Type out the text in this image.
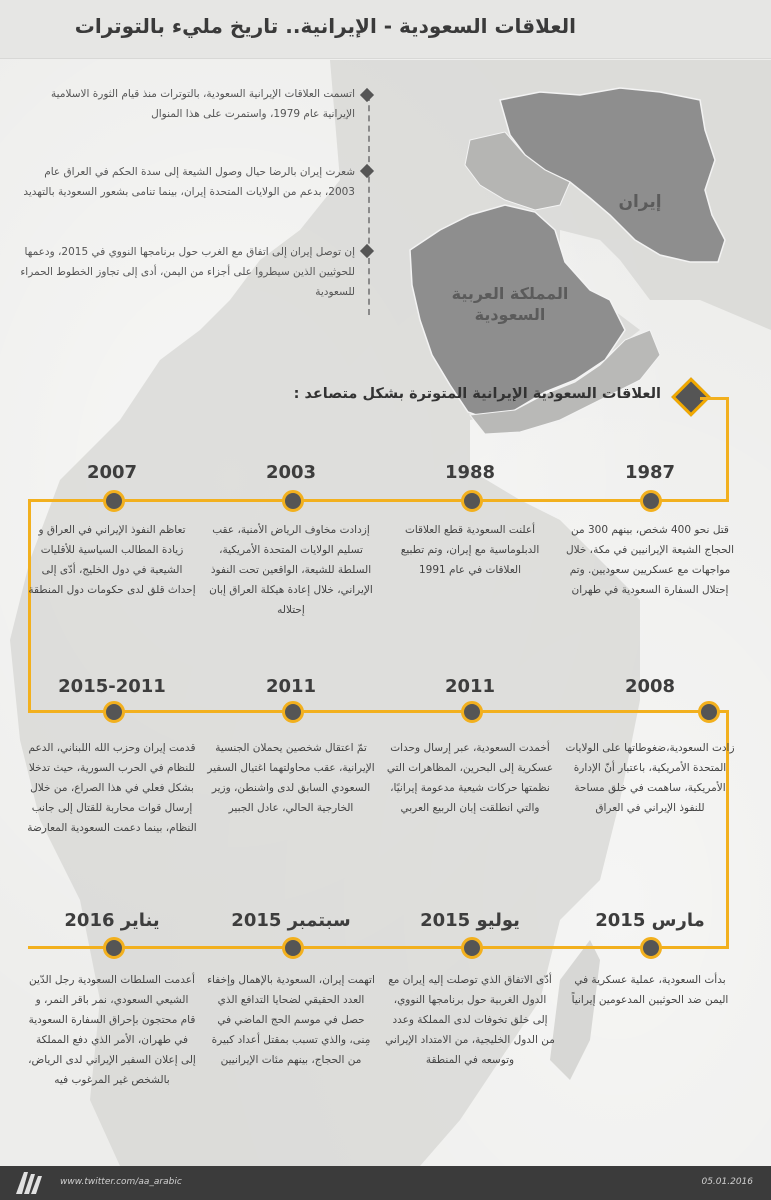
العلاقات السعودية - الإيرانية.. تاريخ مليء بالتوترات
اتسمت العلاقات الإيرانية السعودية، بالتوترات منذ قيام الثورة الاسلامية الإيرانية عام 1979، واستمرت على هذا المنوال
شعرت إيران بالرضا حيال وصول الشيعة إلى سدة الحكم في العراق عام 2003، بدعم من الولايات المتحدة إيران، بينما تنامى بشعور السعودية بالتهديد
إن توصل إيران إلى اتفاق مع الغرب حول برنامجها النووي في 2015، ودعمها للحوثيين الذين سيطروا على أجزاء من اليمن، أدى إلى تجاوز الخطوط الحمراء للسعودية
إيران
المملكة العربية السعودية
العلاقات السعودية الإيرانية المتوترة بشكل متصاعد :
1987
1988
2003
2007
قتل نحو 400 شخص، بينهم 300 من الحجاج الشيعة الإيرانيين في مكة، خلال مواجهات مع عسكريين سعوديين. وتم إحتلال السفارة السعودية في طهران
أعلنت السعودية قطع العلاقات الدبلوماسية مع إيران، وتم تطبيع العلاقات في عام 1991
إزدادت مخاوف الرياض الأمنية، عقب تسليم الولايات المتحدة الأمريكية، السلطة للشيعة، الواقعين تحت النفوذ الإيراني، خلال إعادة هيكلة العراق إبان إحتلاله
تعاظم النفوذ الإيراني في العراق و زيادة المطالب السياسية للأقليات الشيعية في دول الخليج، أدّى إلى إحداث قلق لدى حكومات دول المنطقة
2008
2011
2011
2015-2011
زادت السعودية،ضغوطاتها على الولايات المتحدة الأمريكية، باعتبار أنّ الإدارة الأمريكية، ساهمت في خلق مساحة للنفوذ الإيراني في العراق
أخمدت السعودية، عبر إرسال وحدات عسكرية إلى البحرين، المظاهرات التي نظمتها حركات شيعية مدعومة إيرانيًا، والتي انطلقت إبان الربيع العربي
تمّ اعتقال شخصين يحملان الجنسية الإيرانية، عقب محاولتهما اغتيال السفير السعودي السابق لدى واشنطن، وزير الخارجية الحالي، عادل الجبير
قدمت إيران وحزب الله اللبناني، الدعم للنظام في الحرب السورية، حيث تدخلا بشكل فعلي في هذا الصراع، من خلال إرسال قوات محاربة للقتال إلى جانب النظام، بينما دعمت السعودية المعارضة
مارس 2015
يوليو 2015
سبتمبر 2015
يناير 2016
بدأت السعودية، عملية عسكرية في اليمن ضد الحوثيين المدعومين إيرانياً
أدّى الاتفاق الذي توصلت إليه إيران مع الدول الغربية حول برنامجها النووي، إلى خلق تخوفات لدى المملكة وعدد من الدول الخليجية، من الامتداد الإيراني وتوسعه في المنطقة
اتهمت إيران، السعودية بالإهمال وإخفاء العدد الحقيقي لضحايا التدافع الذي حصل في موسم الحج الماضي في مِنى، والذي تسبب بمقتل أعداد كبيرة من الحجاج، بينهم مئات الإيرانيين
أعدمت السلطات السعودية رجل الدّين الشيعي السعودي، نمر باقر النمر، و قام محتجون بإحراق السفارة السعودية في طهران، الأمر الذي دفع المملكة إلى إعلان السفير الإيراني لدى الرياض، بالشخص غير المرغوب فيه
www.twitter.com/aa_arabic	05.01.2016
